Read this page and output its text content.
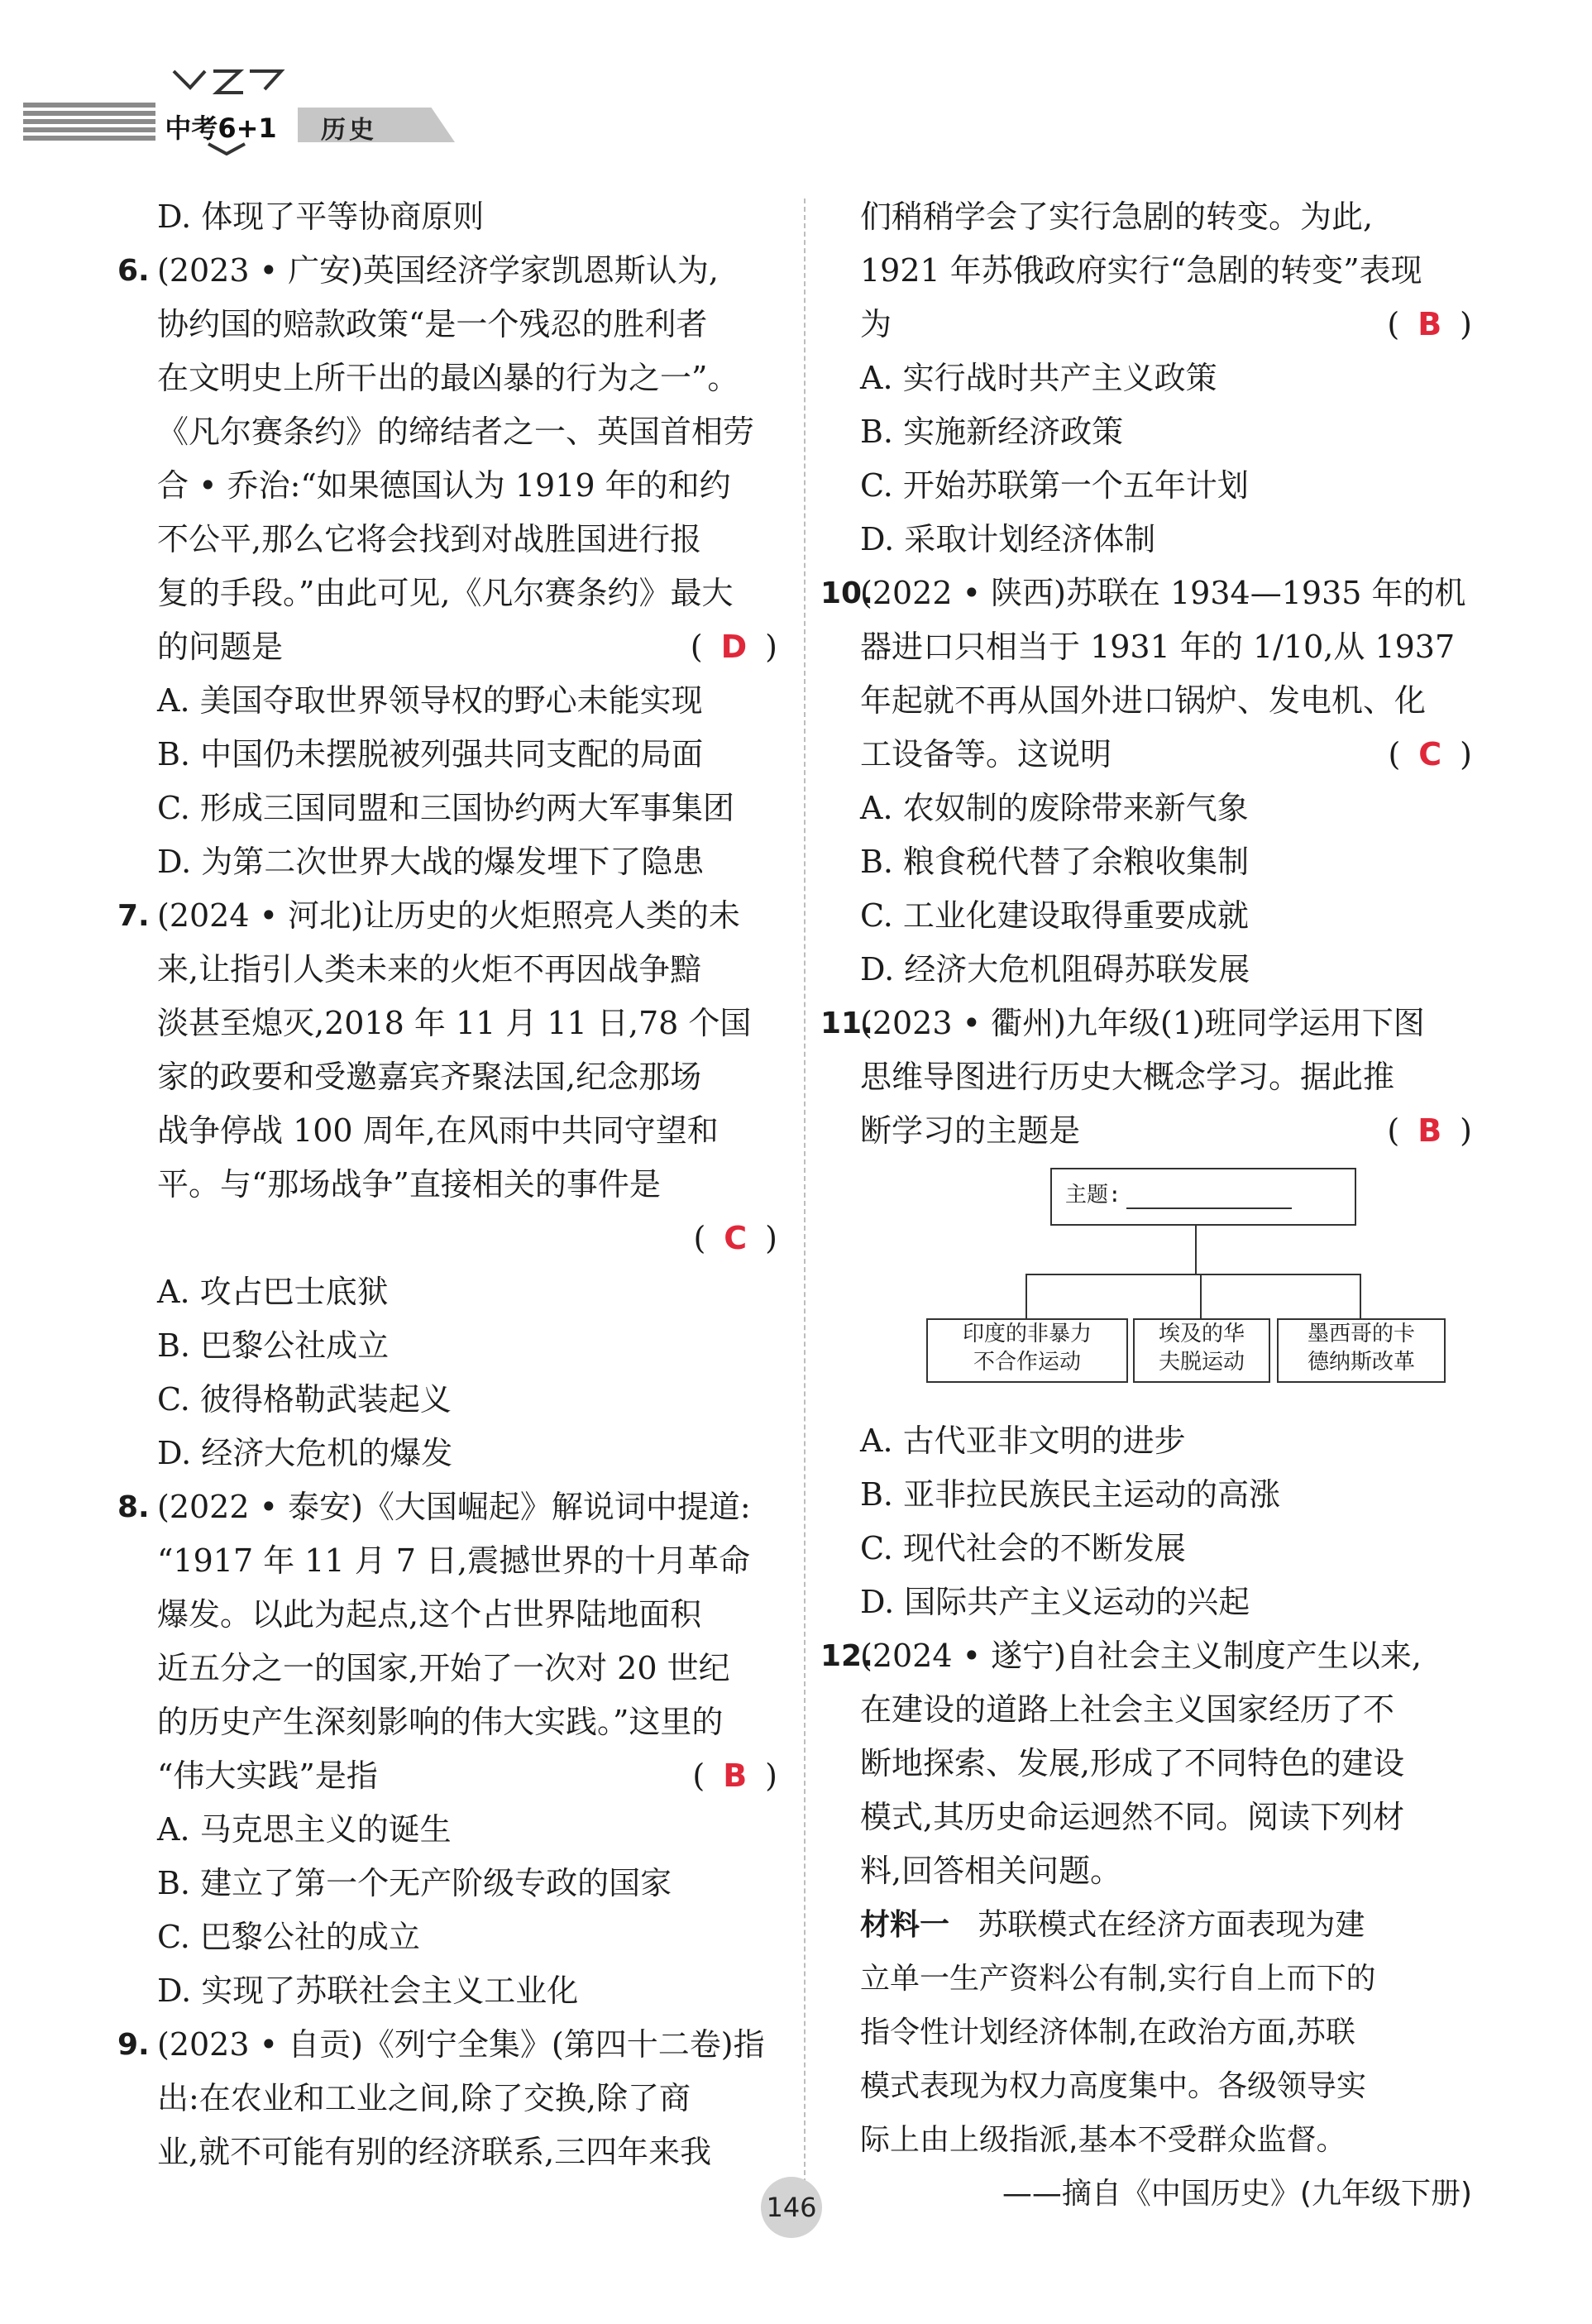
中考6+1 历史
D. 体现了平等协商原则
6. (2023 • 广安)英国经济学家凯恩斯认为,
协约国的赔款政策“是一个残忍的胜利者
在文明史上所干出的最凶暴的行为之一”。
《凡尔赛条约》的缔结者之一、英国首相劳
合 • 乔治:“如果德国认为 1919 年的和约
不公平,那么它将会找到对战胜国进行报
复的手段。”由此可见,《凡尔赛条约》最大
的问题是	( D )
A. 美国夺取世界领导权的野心未能实现
B. 中国仍未摆脱被列强共同支配的局面
C. 形成三国同盟和三国协约两大军事集团
D. 为第二次世界大战的爆发埋下了隐患
7. (2024 • 河北)让历史的火炬照亮人类的未
来,让指引人类未来的火炬不再因战争黯
淡甚至熄灭,2018 年 11 月 11 日,78 个国
家的政要和受邀嘉宾齐聚法国,纪念那场
战争停战 100 周年,在风雨中共同守望和
平。与“那场战争”直接相关的事件是
( C )
A. 攻占巴士底狱
B. 巴黎公社成立
C. 彼得格勒武装起义
D. 经济大危机的爆发
8. (2022 • 泰安)《大国崛起》解说词中提道:
“1917 年 11 月 7 日,震撼世界的十月革命
爆发。以此为起点,这个占世界陆地面积
近五分之一的国家,开始了一次对 20 世纪
的历史产生深刻影响的伟大实践。”这里的
“伟大实践”是指	( B )
A. 马克思主义的诞生
B. 建立了第一个无产阶级专政的国家
C. 巴黎公社的成立
D. 实现了苏联社会主义工业化
9. (2023 • 自贡)《列宁全集》(第四十二卷)指
出:在农业和工业之间,除了交换,除了商
业,就不可能有别的经济联系,三四年来我
们稍稍学会了实行急剧的转变。为此,
1921 年苏俄政府实行“急剧的转变”表现
为	( B )
A. 实行战时共产主义政策
B. 实施新经济政策
C. 开始苏联第一个五年计划
D. 采取计划经济体制
10.
(2022 • 陕西)苏联在 1934—1935 年的机
器进口只相当于 1931 年的 1/10,从 1937
年起就不再从国外进口锅炉、发电机、化
工设备等。这说明	( C )
A. 农奴制的废除带来新气象
B. 粮食税代替了余粮收集制
C. 工业化建设取得重要成就
D. 经济大危机阻碍苏联发展
11.
(2023 • 衢州)九年级(1)班同学运用下图
思维导图进行历史大概念学习。据此推
断学习的主题是	( B )
主题:
印度的非暴力
不合作运动
埃及的华
夫脱运动
墨西哥的卡
德纳斯改革
A. 古代亚非文明的进步
B. 亚非拉民族民主运动的高涨
C. 现代社会的不断发展
D. 国际共产主义运动的兴起
12.
(2024 • 遂宁)自社会主义制度产生以来,
在建设的道路上社会主义国家经历了不
断地探索、发展,形成了不同特色的建设
模式,其历史命运迥然不同。阅读下列材
料,回答相关问题。
材料一 苏联模式在经济方面表现为建
立单一生产资料公有制,实行自上而下的
指令性计划经济体制,在政治方面,苏联
模式表现为权力高度集中。各级领导实
际上由上级指派,基本不受群众监督。
——摘自《中国历史》(九年级下册)
146
